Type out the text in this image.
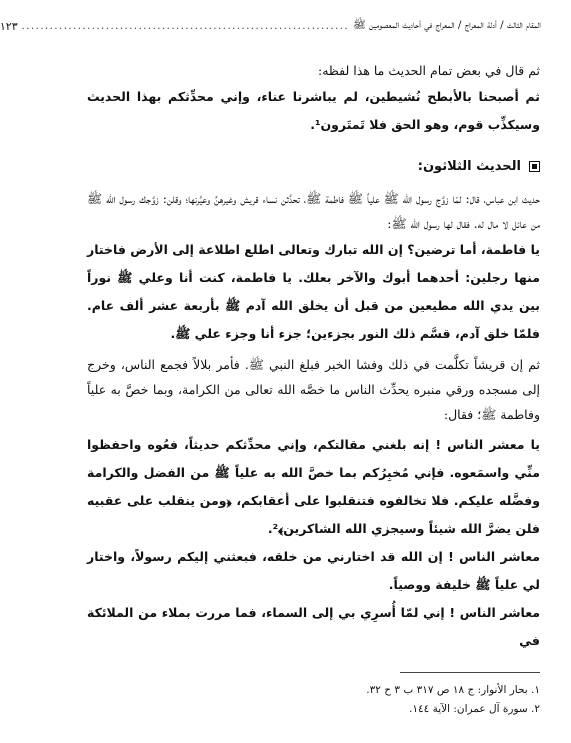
المقام الثالث / أدلة المعراج / المعراج في أحاديث المعصومين ﷺ
......................................................................
١٢٣

ثم قال في بعض تمام الحديث ما هذا لفظه:

ثم أصبحنا بالأبطح نُشيطين، لم يباشرنا عناء، وإني محدِّثكم بهذا الحديث وسيكذِّب قوم، وهو الحق فلا تَمتَرون¹.

الحديث الثلاثون:

حديث ابن عباس، قال: لمّا زوَّج رسول الله ﷺ علياً ﷺ فاطمة ﷺ، تحدَّثن نساء قريش وغيرهنَّ وعيَّرنها؛ وقلن: زوَّجك رسول الله ﷺ من عائل لا مال له. فقال لها رسول الله ﷺ:

يا فاطمة، أما ترضين؟ إن الله تبارك وتعالى اطلع اطلاعة إلى الأرض فاختار منها رجلين: أحدهما أبوك والآخر بعلك. يا فاطمة، كنت أنا وعلي ﷺ نوراً بين يدي الله مطيعين من قبل أن يخلق الله آدم ﷺ بأربعة عشر ألف عام. فلمّا خلق آدم، قسَّم ذلك النور بجزءين؛ جزء أنا وجزء علي ﷺ.

ثم إن قريشاً تكلَّمت في ذلك وفشا الخبر فبلغ النبي ﷺ. فأمر بلالاً فجمع الناس، وخرج إلى مسجده ورقي منبره يحدِّث الناس ما خصَّه الله تعالى من الكرامة، وبما خصَّ به علياً وفاطمة ﷺ؛ فقال:

يا معشر الناس ! إنه بلغني مقالتكم، وإني محدِّثكم حديثاً، فعُوه واحفظوا منِّي واسمَعوه. فإني مُخبِرُكم بما خصَّ الله به علياً ﷺ من الفضل والكرامة وفضَّله عليكم. فلا تخالفوه فتنقلبوا على أعقابكم، ﴿ومن ينقلب على عقبيه فلن يضرَّ الله شيئاً وسيجزي الله الشاكرين﴾².

معاشر الناس ! إن الله قد اختارني من خلقه، فبعثني إليكم رسولاً، واختار لي علياً ﷺ خليفة ووصياً.

معاشر الناس ! إني لمّا أُسرِي بي إلى السماء، فما مررت بملاء من الملائكة في

١. بحار الأنوار: ج ١٨ ص ٣١٧ ب ٣ ح ٣٢.
٢. سورة آل عمران: الآية ١٤٤.
